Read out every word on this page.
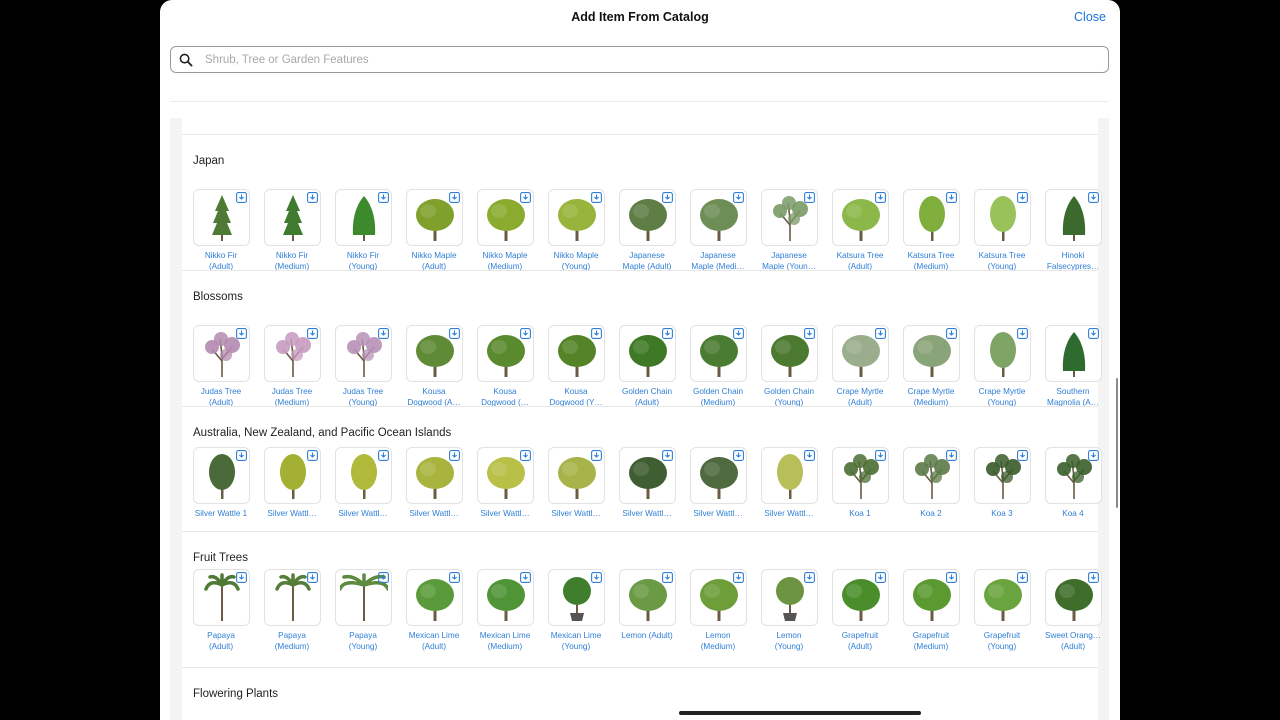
Add Item From Catalog	Close
Shrub, Tree or Garden Features
Japan
Nikko Fir
(Adult)
Nikko Fir
(Medium)
Nikko Fir
(Young)
Nikko Maple
(Adult)
Nikko Maple
(Medium)
Nikko Maple
(Young)
Japanese
Maple (Adult)
Japanese
Maple (Medi…
Japanese
Maple (Youn…
Katsura Tree
(Adult)
Katsura Tree
(Medium)
Katsura Tree
(Young)
Hinoki
Falsecypres…
Blossoms
Judas Tree
(Adult)
Judas Tree
(Medium)
Judas Tree
(Young)
Kousa
Dogwood (A…
Kousa
Dogwood (…
Kousa
Dogwood (Y…
Golden Chain
(Adult)
Golden Chain
(Medium)
Golden Chain
(Young)
Crape Myrtle
(Adult)
Crape Myrtle
(Medium)
Crape Myrtle
(Young)
Southern
Magnolia (A…
Australia, New Zealand, and Pacific Ocean Islands
Silver Wattle 1	Silver Wattl…	Silver Wattl…	Silver Wattl…	Silver Wattl…	Silver Wattl…	Silver Wattl…	Silver Wattl…	Silver Wattl…	Koa 1	Koa 2	Koa 3	Koa 4
Fruit Trees
Papaya
(Adult)
Papaya
(Medium)
Papaya
(Young)
Mexican Lime
(Adult)
Mexican Lime
(Medium)
Mexican Lime
(Young)
Lemon (Adult)	Lemon
(Medium)
Lemon
(Young)
Grapefruit
(Adult)
Grapefruit
(Medium)
Grapefruit
(Young)
Sweet Orang…
(Adult)
Flowering Plants
